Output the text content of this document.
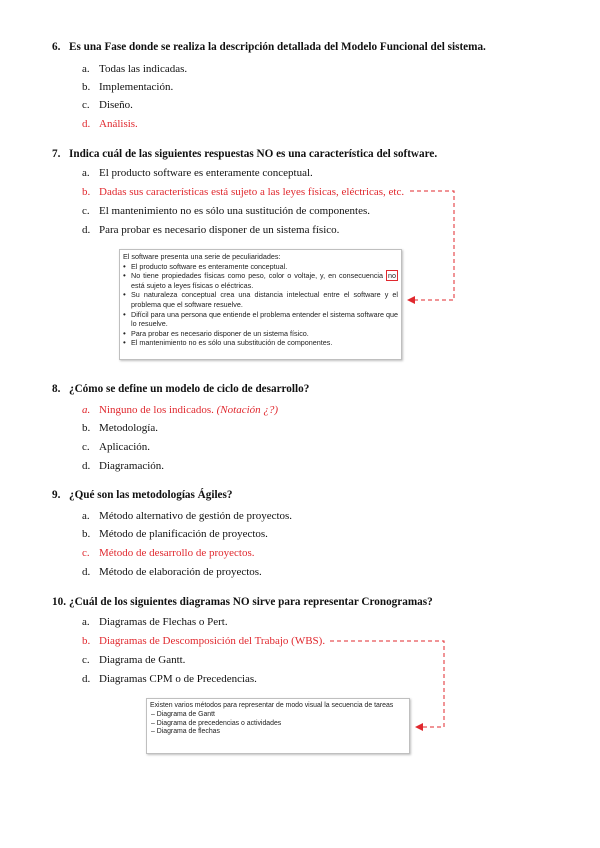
6. Es una Fase donde se realiza la descripción detallada del Modelo Funcional del sistema.
a. Todas las indicadas.
b. Implementación.
c. Diseño.
d. Análisis.
7. Indica cuál de las siguientes respuestas NO es una característica del software.
a. El producto software es enteramente conceptual.
b. Dadas sus características está sujeto a las leyes físicas, eléctricas, etc.
c. El mantenimiento no es sólo una sustitución de componentes.
d. Para probar es necesario disponer de un sistema físico.
El software presenta una serie de peculiaridades:
• El producto software es enteramente conceptual.
• No tiene propiedades físicas como peso, color o voltaje, y, en consecuencia no está sujeto a leyes físicas o eléctricas.
• Su naturaleza conceptual crea una distancia intelectual entre el software y el problema que el software resuelve.
• Difícil para una persona que entiende el problema entender el sistema software que lo resuelve.
• Para probar es necesario disponer de un sistema físico.
• El mantenimiento no es sólo una substitución de componentes.
8. ¿Cómo se define un modelo de ciclo de desarrollo?
a. Ninguno de los indicados. (Notación ¿?)
b. Metodología.
c. Aplicación.
d. Diagramación.
9. ¿Qué son las metodologías Ágiles?
a. Método alternativo de gestión de proyectos.
b. Método de planificación de proyectos.
c. Método de desarrollo de proyectos.
d. Método de elaboración de proyectos.
10. ¿Cuál de los siguientes diagramas NO sirve para representar Cronogramas?
a. Diagramas de Flechas o Pert.
b. Diagramas de Descomposición del Trabajo (WBS).
c. Diagrama de Gantt.
d. Diagramas CPM o de Precedencias.
Existen varios métodos para representar de modo visual la secuencia de tareas
– Diagrama de Gantt
– Diagrama de precedencias o actividades
– Diagrama de flechas
